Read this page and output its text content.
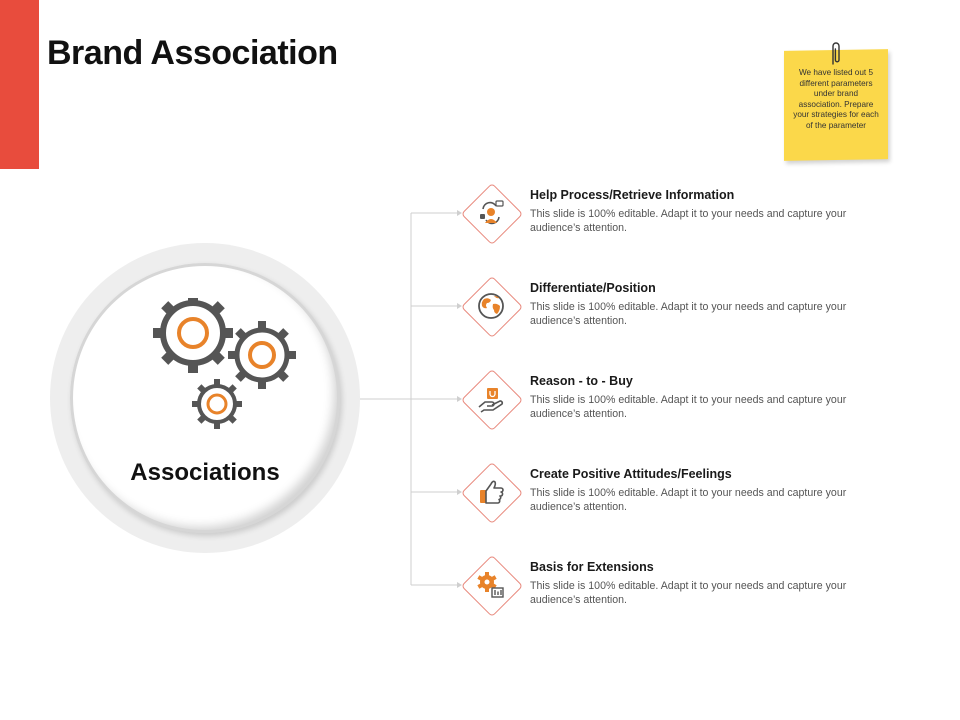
Brand Association
We have listed out 5 different parameters under brand association. Prepare your strategies for each of the parameter
Associations
Help Process/Retrieve Information
This slide is 100% editable. Adapt it to your needs and capture your audience’s attention.
Differentiate/Position
This slide is 100% editable. Adapt it to your needs and capture your audience’s attention.
Reason - to - Buy
This slide is 100% editable. Adapt it to your needs and capture your audience’s attention.
Create Positive Attitudes/Feelings
This slide is 100% editable. Adapt it to your needs and capture your audience’s attention.
Basis for Extensions
This slide is 100% editable. Adapt it to your needs and capture your audience’s attention.
